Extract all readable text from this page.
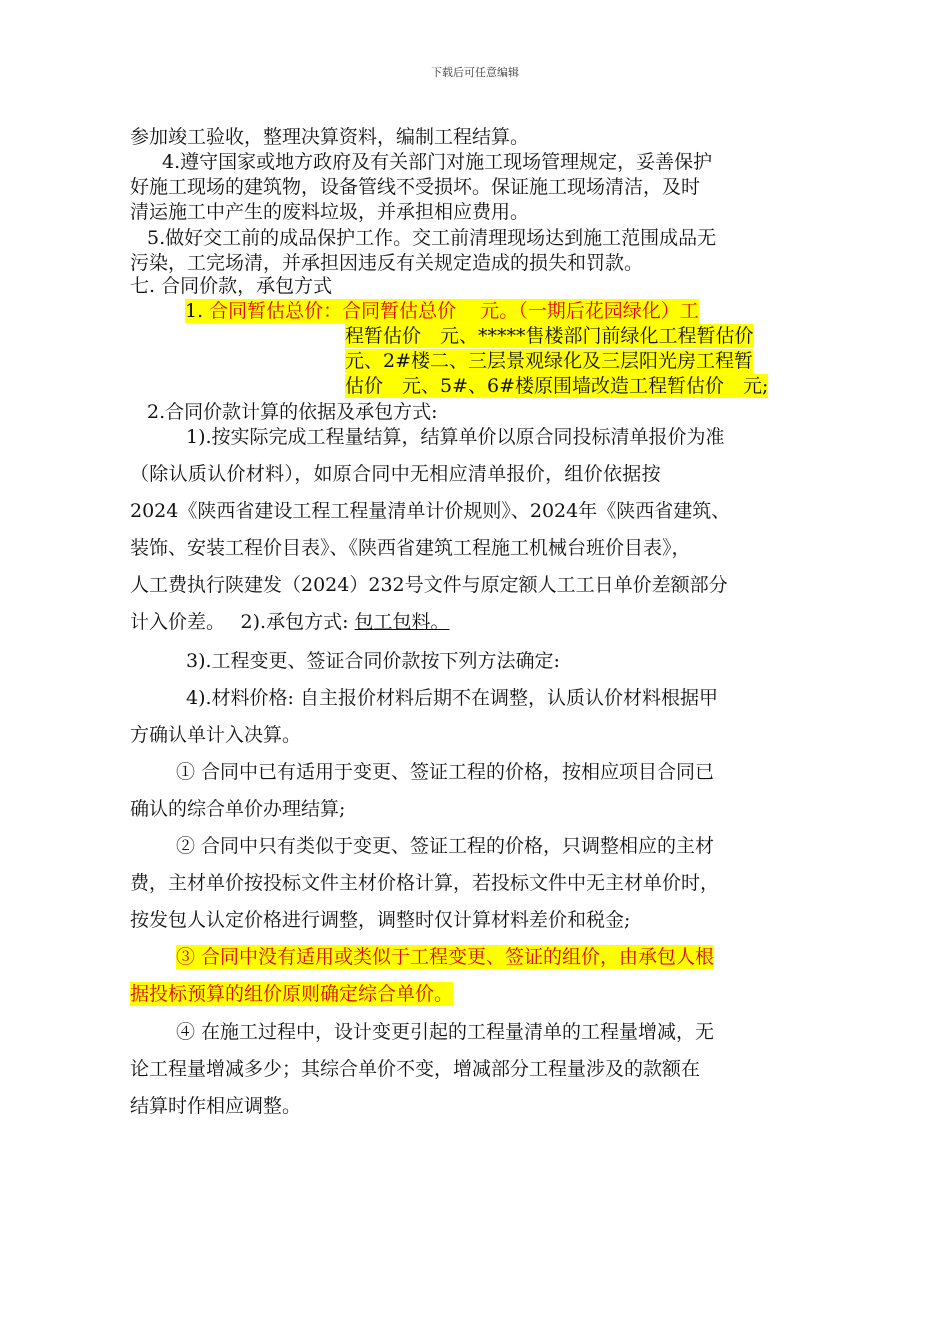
下载后可任意编辑
参加竣工验收，整理决算资料，编制工程结算。
4.遵守国家或地方政府及有关部门对施工现场管理规定，妥善保护
好施工现场的建筑物，设备管线不受损坏。保证施工现场清洁，及时
清运施工中产生的废料垃圾，并承担相应费用。
5.做好交工前的成品保护工作。交工前清理现场达到施工范围成品无
污染，工完场清，并承担因违反有关规定造成的损失和罚款。
七. 合同价款，承包方式
1. 合同暂估总价：合同暂估总价 元。（一期后花园绿化）工
程暂估价　元、*****售楼部门前绿化工程暂估价
元、2#楼二、三层景观绿化及三层阳光房工程暂
估价　元、5#、6#楼原围墙改造工程暂估价　元;
2.合同价款计算的依据及承包方式:
1).按实际完成工程量结算，结算单价以原合同投标清单报价为准
（除认质认价材料），如原合同中无相应清单报价，组价依据按
2024《陕西省建设工程工程量清单计价规则》、2024年《陕西省建筑、
装饰、安装工程价目表》、《陕西省建筑工程施工机械台班价目表》，
人工费执行陕建发（2024）232号文件与原定额人工工日单价差额部分
计入价差。　 2).承包方式: 包工包料。
3).工程变更、签证合同价款按下列方法确定:
4).材料价格: 自主报价材料后期不在调整，认质认价材料根据甲
方确认单计入决算。
① 合同中已有适用于变更、签证工程的价格，按相应项目合同已
确认的综合单价办理结算;
② 合同中只有类似于变更、签证工程的价格，只调整相应的主材
费，主材单价按投标文件主材价格计算，若投标文件中无主材单价时，
按发包人认定价格进行调整，调整时仅计算材料差价和税金;
③ 合同中没有适用或类似于工程变更、签证的组价，由承包人根
据投标预算的组价原则确定综合单价。
④ 在施工过程中，设计变更引起的工程量清单的工程量增减，无
论工程量增减多少；其综合单价不变，增减部分工程量涉及的款额在
结算时作相应调整。
